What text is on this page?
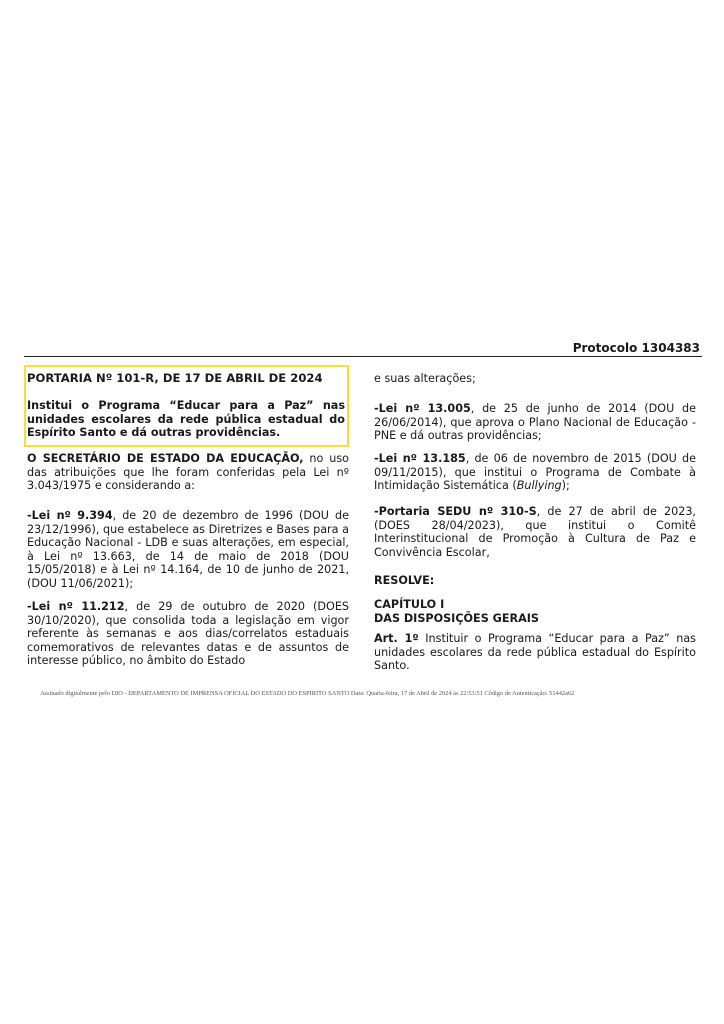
Protocolo 1304383
PORTARIA Nº 101-R, DE 17 DE ABRIL DE 2024
Institui o Programa “Educar para a Paz” nas unidades escolares da rede pública estadual do Espírito Santo e dá outras providências.
O SECRETÁRIO DE ESTADO DA EDUCAÇÃO, no uso das atribuições que lhe foram conferidas pela Lei nº 3.043/1975 e considerando a:
-Lei nº 9.394, de 20 de dezembro de 1996 (DOU de 23/12/1996), que estabelece as Diretrizes e Bases para a Educação Nacional - LDB e suas alterações, em especial, à Lei nº 13.663, de 14 de maio de 2018 (DOU 15/05/2018) e à Lei nº 14.164, de 10 de junho de 2021, (DOU 11/06/2021);
-Lei nº 11.212, de 29 de outubro de 2020 (DOES 30/10/2020), que consolida toda a legislação em vigor referente às semanas e aos dias/correlatos estaduais comemorativos de relevantes datas e de assuntos de interesse público, no âmbito do Estado
e suas alterações;
-Lei nº 13.005, de 25 de junho de 2014 (DOU de 26/06/2014), que aprova o Plano Nacional de Educação - PNE e dá outras providências;
-Lei nº 13.185, de 06 de novembro de 2015 (DOU de 09/11/2015), que institui o Programa de Combate à Intimidação Sistemática (Bullying);
-Portaria SEDU nº 310-S, de 27 de abril de 2023, (DOES 28/04/2023), que institui o Comitê Interinstitucional de Promoção à Cultura de Paz e Convivência Escolar,
RESOLVE:
CAPÍTULO I
DAS DISPOSIÇÕES GERAIS
Art. 1º Instituir o Programa “Educar para a Paz” nas unidades escolares da rede pública estadual do Espírito Santo.
Assinado digitalmente pelo DIO - DEPARTAMENTO DE IMPRENSA OFICIAL DO ESTADO DO ESPIRITO SANTO Data: Quarta-feira, 17 de Abril de 2024 às 22:53:51 Código de Autenticação: 51442a62
